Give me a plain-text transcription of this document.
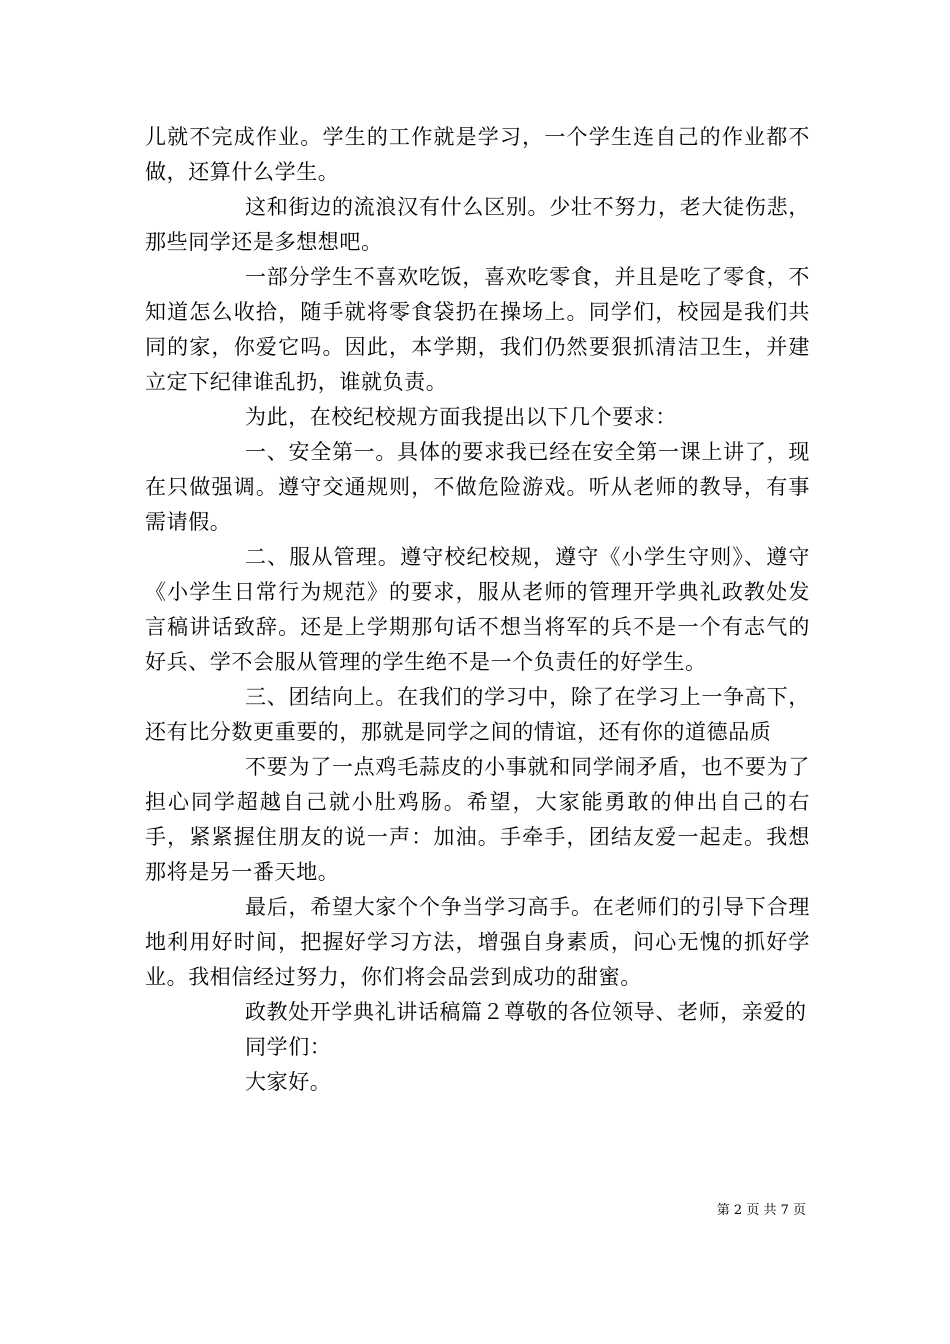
儿就不完成作业。学生的工作就是学习，一个学生连自己的作业都不做，还算什么学生。

这和街边的流浪汉有什么区别。少壮不努力，老大徒伤悲，那些同学还是多想想吧。

一部分学生不喜欢吃饭，喜欢吃零食，并且是吃了零食，不知道怎么收拾，随手就将零食袋扔在操场上。同学们，校园是我们共同的家，你爱它吗。因此，本学期，我们仍然要狠抓清洁卫生，并建立定下纪律谁乱扔，谁就负责。

为此，在校纪校规方面我提出以下几个要求：

一、安全第一。具体的要求我已经在安全第一课上讲了，现在只做强调。遵守交通规则，不做危险游戏。听从老师的教导，有事需请假。

二、服从管理。遵守校纪校规，遵守《小学生守则》、遵守《小学生日常行为规范》的要求，服从老师的管理开学典礼政教处发言稿讲话致辞。还是上学期那句话不想当将军的兵不是一个有志气的好兵、学不会服从管理的学生绝不是一个负责任的好学生。

三、团结向上。在我们的学习中，除了在学习上一争高下，还有比分数更重要的，那就是同学之间的情谊，还有你的道德品质

不要为了一点鸡毛蒜皮的小事就和同学闹矛盾，也不要为了担心同学超越自己就小肚鸡肠。希望，大家能勇敢的伸出自己的右手，紧紧握住朋友的说一声：加油。手牵手，团结友爱一起走。我想那将是另一番天地。

最后，希望大家个个争当学习高手。在老师们的引导下合理地利用好时间，把握好学习方法，增强自身素质，问心无愧的抓好学业。我相信经过努力，你们将会品尝到成功的甜蜜。

政教处开学典礼讲话稿篇２尊敬的各位领导、老师，亲爱的

同学们：

大家好。

第 2 页 共 7 页
